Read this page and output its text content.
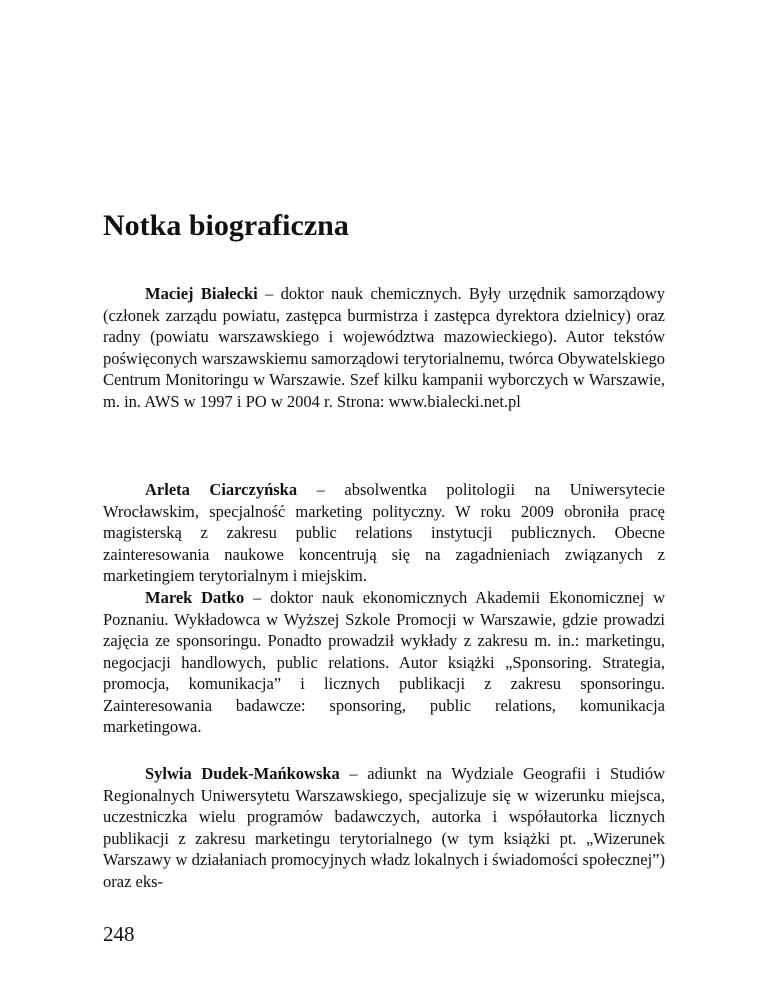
Notka biograficzna

Maciej Białecki – doktor nauk chemicznych. Były urzędnik samorządowy (członek zarządu powiatu, zastępca burmistrza i zastępca dyrektora dzielnicy) oraz radny (powiatu warszawskiego i województwa mazowieckiego). Autor tekstów poświęconych warszawskiemu samorządowi terytorialnemu, twórca Obywatelskiego Centrum Monitoringu w Warszawie. Szef kilku kampanii wyborczych w Warszawie, m. in. AWS w 1997 i PO w 2004 r. Strona: www.bialecki.net.pl

Arleta Ciarczyńska – absolwentka politologii na Uniwersytecie Wrocławskim, specjalność marketing polityczny. W roku 2009 obroniła pracę magisterską z zakresu public relations instytucji publicznych. Obecne zainteresowania naukowe koncentrują się na zagadnieniach związanych z marketingiem terytorialnym i miejskim.

Marek Datko – doktor nauk ekonomicznych Akademii Ekonomicznej w Poznaniu. Wykładowca w Wyższej Szkole Promocji w Warszawie, gdzie prowadzi zajęcia ze sponsoringu. Ponadto prowadził wykłady z zakresu m. in.: marketingu, negocjacji handlowych, public relations. Autor książki „Sponsoring. Strategia, promocja, komunikacja” i licznych publikacji z zakresu sponsoringu. Zainteresowania badawcze: sponsoring, public relations, komunikacja marketingowa.

Sylwia Dudek-Mańkowska – adiunkt na Wydziale Geografii i Studiów Regionalnych Uniwersytetu Warszawskiego, specjalizuje się w wizerunku miejsca, uczestniczka wielu programów badawczych, autorka i współautorka licznych publikacji z zakresu marketingu terytorialnego (w tym książki pt. „Wizerunek Warszawy w działaniach promocyjnych władz lokalnych i świadomości społecznej”) oraz eks-

248
